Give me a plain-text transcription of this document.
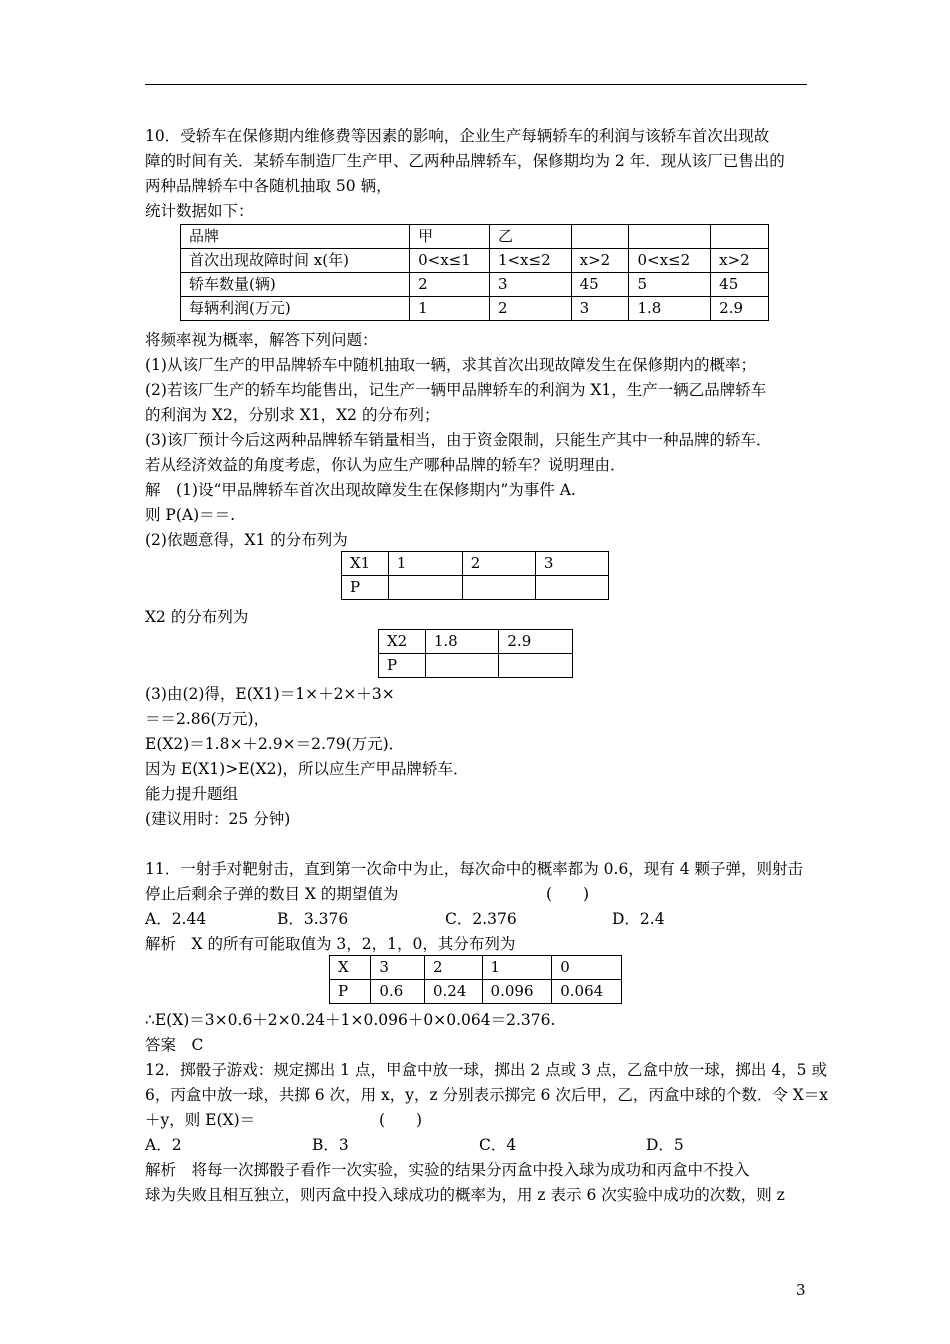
10．受轿车在保修期内维修费等因素的影响，企业生产每辆轿车的利润与该轿车首次出现故
障的时间有关．某轿车制造厂生产甲、乙两种品牌轿车，保修期均为 2 年．现从该厂已售出的
两种品牌轿车中各随机抽取 50 辆，
统计数据如下：
品牌	甲	乙			
首次出现故障时间 x(年)	0<x≤1	1<x≤2	x>2	0<x≤2	x>2
轿车数量(辆)	2	3	45	5	45
每辆利润(万元)	1	2	3	1.8	2.9
将频率视为概率，解答下列问题：
(1)从该厂生产的甲品牌轿车中随机抽取一辆，求其首次出现故障发生在保修期内的概率；
(2)若该厂生产的轿车均能售出，记生产一辆甲品牌轿车的利润为 X1，生产一辆乙品牌轿车
的利润为 X2，分别求 X1，X2 的分布列；
(3)该厂预计今后这两种品牌轿车销量相当，由于资金限制，只能生产其中一种品牌的轿车．
若从经济效益的角度考虑，你认为应生产哪种品牌的轿车？说明理由．
解　(1)设“甲品牌轿车首次出现故障发生在保修期内”为事件 A.
则 P(A)＝＝.
(2)依题意得，X1 的分布列为
X1	1	2	3
P			
X2 的分布列为
X2	1.8	2.9
P		
(3)由(2)得，E(X1)＝1×＋2×＋3×
＝＝2.86(万元)，
E(X2)＝1.8×＋2.9×＝2.79(万元)．
因为 E(X1)>E(X2)，所以应生产甲品牌轿车．
能力提升题组
(建议用时：25 分钟)
11．一射手对靶射击，直到第一次命中为止，每次命中的概率都为 0.6，现有 4 颗子弹，则射击
停止后剩余子弹的数目 X 的期望值为	(　　)
A．2.44	B．3.376	C．2.376	D．2.4
解析　X 的所有可能取值为 3，2，1，0，其分布列为
X	3	2	1	0
P	0.6	0.24	0.096	0.064
∴E(X)＝3×0.6＋2×0.24＋1×0.096＋0×0.064＝2.376.
答案　C
12．掷骰子游戏：规定掷出 1 点，甲盒中放一球，掷出 2 点或 3 点，乙盒中放一球，掷出 4，5 或
6，丙盒中放一球，共掷 6 次，用 x，y，z 分别表示掷完 6 次后甲，乙，丙盒中球的个数．令 X＝x
＋y，则 E(X)＝	(　　)
A．2	B．3	C．4	D．5
解析　将每一次掷骰子看作一次实验，实验的结果分丙盒中投入球为成功和丙盒中不投入
球为失败且相互独立，则丙盒中投入球成功的概率为，用 z 表示 6 次实验中成功的次数，则 z
3
